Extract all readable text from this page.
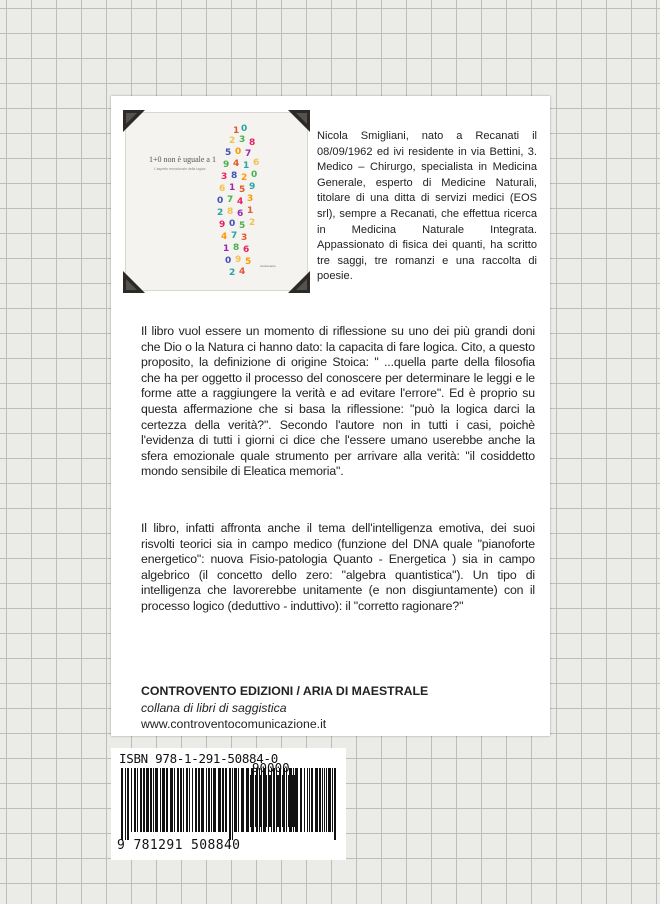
1+0 non è uguale a 1
L'aspetto emozionale della logica
1 0
2 3 8
5 0 7
9 4 1 6
3 8 2 0
6 1 5 9
0 7 4 3
2 8 6 1
9 0 5 2
4 7 3
1 8 6
0 9 5
2 4
controvento
Nicola Smigliani, nato a Recanati il 08/09/1962 ed ivi residente in via Bettini, 3. Medico – Chirurgo, specialista in Medicina Generale, esperto di Medicine Naturali, titolare di una ditta di servizi medici (EOS srl), sempre a Recanati, che effettua ricerca in Medicina Naturale Integrata. Appassionato di fisica dei quanti, ha scritto tre saggi, tre romanzi e una raccolta di poesie.
Il libro vuol essere un momento di riflessione su uno dei più grandi doni che Dio o la Natura ci hanno dato: la capacita di fare logica. Cito, a questo proposito, la definizione di origine Stoica: " ...quella parte della filosofia che ha per oggetto il processo del conoscere per determinare le leggi e le forme atte a raggiungere la verità e ad evitare l'errore". Ed è proprio su questa affermazione che si basa la riflessione: "può la logica darci la certezza della verità?". Secondo l'autore non in tutti i casi, poichè l'evidenza di tutti i giorni ci dice che l'essere umano userebbe anche la sfera emozionale quale strumento per arrivare alla verità: "il cosiddetto mondo sensibile di Eleatica memoria".
Il libro, infatti affronta anche il tema dell'intelligenza emotiva, dei suoi risvolti teorici sia in campo medico (funzione del DNA quale "pianoforte energetico": nuova Fisio-patologia Quanto - Energetica ) sia in campo algebrico (il concetto dello zero: "algebra quantistica"). Un tipo di intelligenza che lavorerebbe unitamente (e non disgiuntamente) con il processo logico (deduttivo - induttivo): il "corretto ragionare?"
CONTROVENTO EDIZIONI / ARIA DI MAESTRALE
collana di libri di saggistica
www.controventocomunicazione.it
ISBN 978-1-291-50884-0
9 781291 508840
90000
